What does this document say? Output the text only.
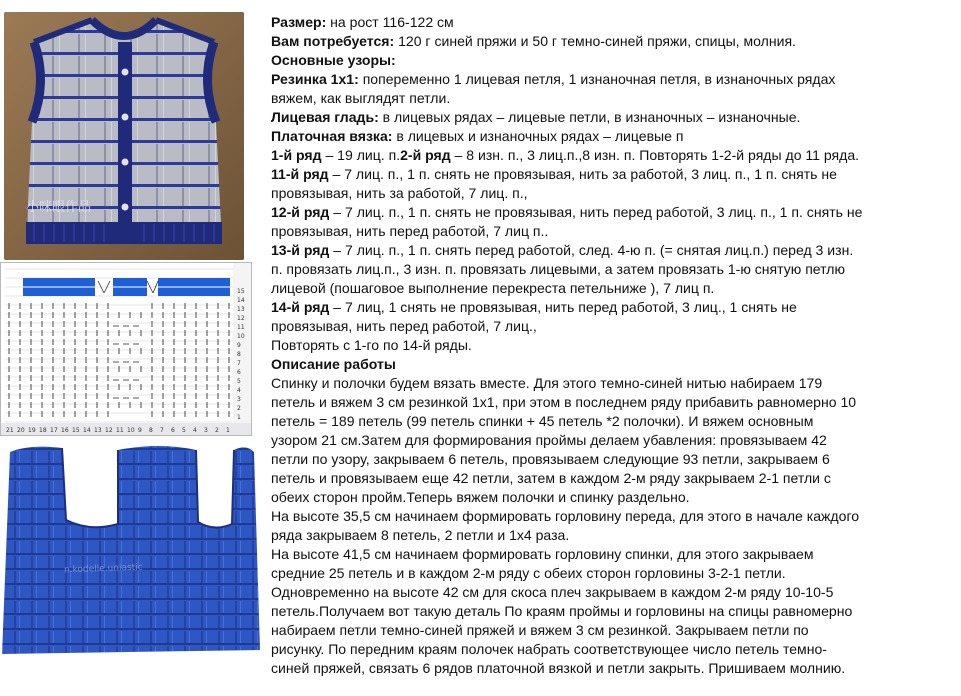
小咪眼作品
1
2
3
4
5
6
7
8
9
10
11
12
13
14
15
21 20 19 18 17 16 15 14 13 12 11 10 9 8 7 6 5 4 3 2 1
n.kodelle.uniastic

Размер: на рост 116-122 см

Вам потребуется: 120 г синей пряжи и 50 г темно-синей пряжи, спицы, молния.

Основные узоры:

Резинка 1х1: попеременно 1 лицевая петля, 1 изнаночная петля, в изнаночных рядах

вяжем, как выглядят петли.

Лицевая гладь: в лицевых рядах – лицевые петли, в изнаночных – изнаночные.

Платочная вязка: в лицевых и изнаночных рядах – лицевые п

1-й ряд – 19 лиц. п.2-й ряд – 8 изн. п., 3 лиц.п.,8 изн. п. Повторять 1-2-й ряды до 11 ряда.

11-й ряд – 7 лиц. п., 1 п. снять не провязывая, нить за работой, 3 лиц. п., 1 п. снять не

провязывая, нить за работой, 7 лиц. п.,

12-й ряд – 7 лиц. п., 1 п. снять не провязывая, нить перед работой, 3 лиц. п., 1 п. снять не

провязывая, нить перед работой, 7 лиц п..

13-й ряд – 7 лиц. п., 1 п. снять перед работой, след. 4-ю п. (= снятая лиц.п.) перед 3 изн.

п. провязать лиц.п., 3 изн. п. провязать лицевыми, а затем провязать 1-ю снятую петлю

лицевой (пошаговое выполнение перекреста петельниже ), 7 лиц п.

14-й ряд – 7 лиц, 1 снять не провязывая, нить перед работой, 3 лиц., 1 снять не

провязывая, нить перед работой, 7 лиц.,

Повторять с 1-го по 14-й ряды.

Описание работы

Спинку и полочки будем вязать вместе. Для этого темно-синей нитью набираем 179

петель и вяжем 3 см резинкой 1х1, при этом в последнем ряду прибавить равномерно 10

петель = 189 петель (99 петель спинки + 45 петель *2 полочки). И вяжем основным

узором 21 см.Затем для формирования проймы делаем убавления: провязываем 42

петли по узору, закрываем 6 петель, провязываем следующие 93 петли, закрываем 6

петель и провязываем еще 42 петли, затем в каждом 2-м ряду закрываем 2-1 петли с

обеих сторон пройм.Теперь вяжем полочки и спинку раздельно.

На высоте 35,5 см начинаем формировать горловину переда, для этого в начале каждого

ряда закрываем 8 петель, 2 петли и 1х4 раза.

На высоте 41,5 см начинаем формировать горловину спинки, для этого закрываем

средние 25 петель и в каждом 2-м ряду с обеих сторон горловины 3-2-1 петли.

Одновременно на высоте 42 см для скоса плеч закрываем в каждом 2-м ряду 10-10-5

петель.Получаем вот такую деталь По краям проймы и горловины на спицы равномерно

набираем петли темно-синей пряжей и вяжем 3 см резинкой. Закрываем петли по

рисунку. По передним краям полочек набрать соответствующее число петель темно-

синей пряжей, связать 6 рядов платочной вязкой и петли закрыть. Пришиваем молнию.
